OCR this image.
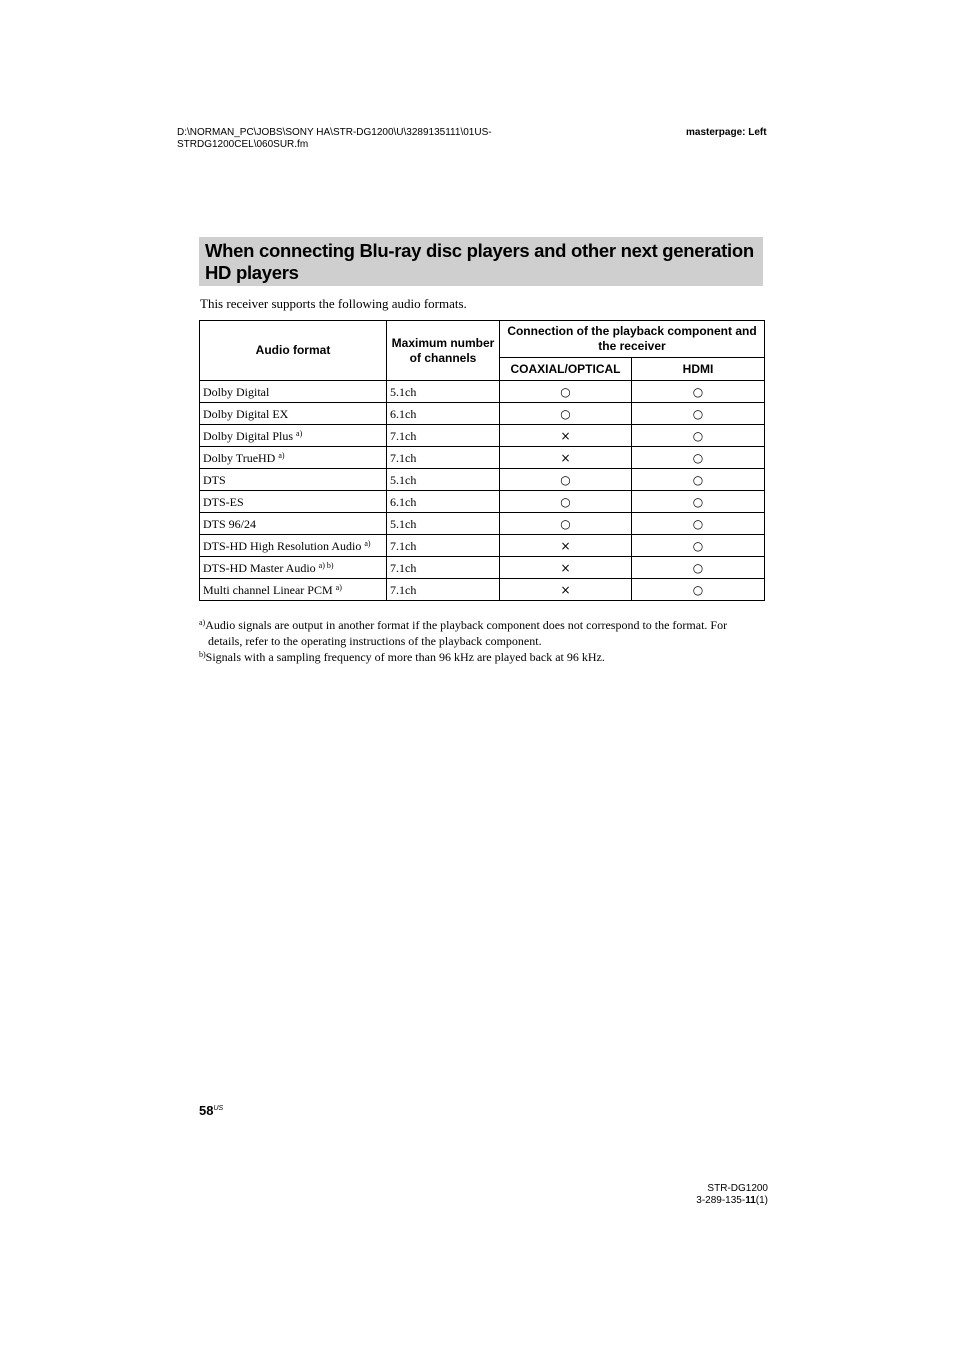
D:\NORMAN_PC\JOBS\SONY HA\STR-DG1200\U\3289135111\01US-
STRDG1200CEL\060SUR.fm
masterpage: Left
When connecting Blu-ray disc players and other next generation HD players
This receiver supports the following audio formats.
Audio format	Maximum number of channels	Connection of the playback component and the receiver	
		COAXIAL/OPTICAL	HDMI
Dolby Digital	5.1ch	○	○
Dolby Digital EX	6.1ch	○	○
Dolby Digital Plus $^{a)}$	7.1ch	×	○
Dolby TrueHD $^{a)}$	7.1ch	×	○
DTS	5.1ch	○	○
DTS-ES	6.1ch	○	○
DTS 96/24	5.1ch	○	○
DTS-HD High Resolution Audio $^{a)}$	7.1ch	×	○
DTS-HD Master Audio $^{a) b)}$	7.1ch	×	○
Multi channel Linear PCM $^{a)}$	7.1ch	×	○
$^{a)}$Audio signals are output in another format if the playback component does not correspond to the format. For details, refer to the operating instructions of the playback component.
$^{b)}$Signals with a sampling frequency of more than 96 kHz are played back at 96 kHz.
$58^{US}$
STR-DG1200
3-289-135-11(1)
